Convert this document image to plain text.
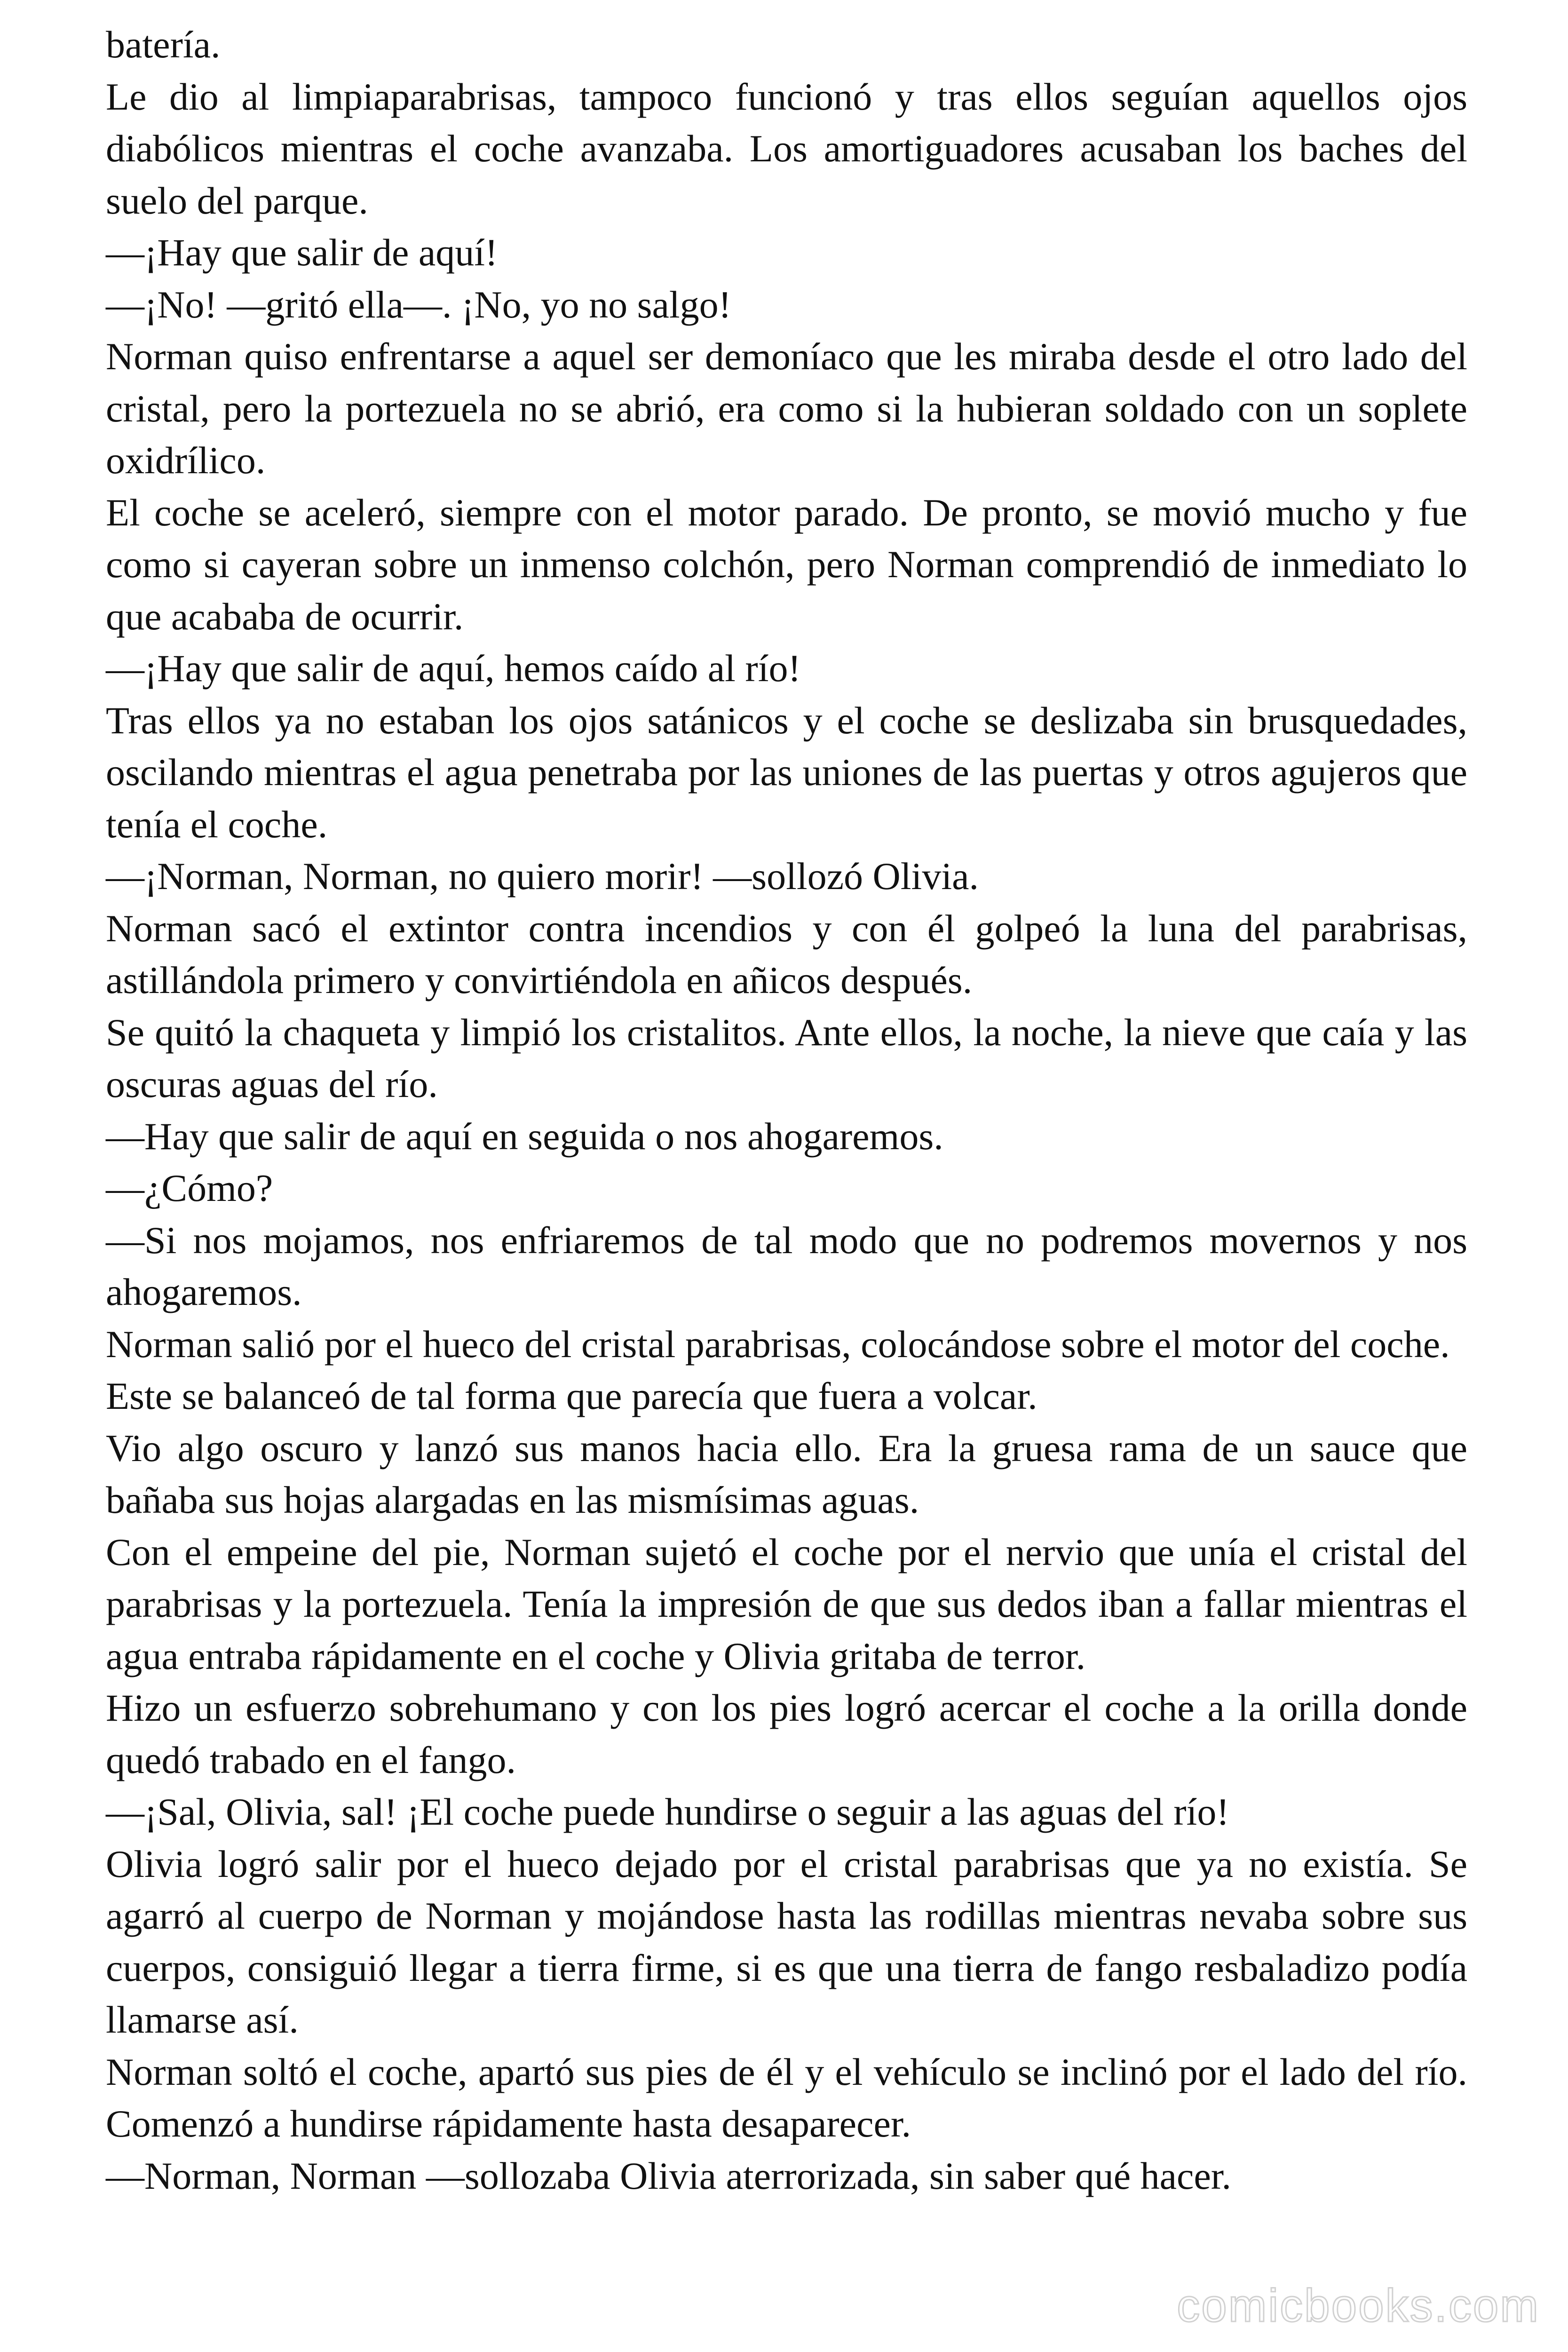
batería.

Le dio al limpiaparabrisas, tampoco funcionó y tras ellos seguían aquellos ojos diabólicos mientras el coche avanzaba. Los amortiguadores acusaban los baches del suelo del parque.

—¡Hay que salir de aquí!

—¡No! —gritó ella—. ¡No, yo no salgo!

Norman quiso enfrentarse a aquel ser demoníaco que les miraba desde el otro lado del cristal, pero la portezuela no se abrió, era como si la hubieran soldado con un soplete oxidrílico.

El coche se aceleró, siempre con el motor parado. De pronto, se movió mucho y fue como si cayeran sobre un inmenso colchón, pero Norman comprendió de inmediato lo que acababa de ocurrir.

—¡Hay que salir de aquí, hemos caído al río!

Tras ellos ya no estaban los ojos satánicos y el coche se deslizaba sin brusquedades, oscilando mientras el agua penetraba por las uniones de las puertas y otros agujeros que tenía el coche.

—¡Norman, Norman, no quiero morir! —sollozó Olivia.

Norman sacó el extintor contra incendios y con él golpeó la luna del parabrisas, astillándola primero y convirtiéndola en añicos después.

Se quitó la chaqueta y limpió los cristalitos. Ante ellos, la noche, la nieve que caía y las oscuras aguas del río.

—Hay que salir de aquí en seguida o nos ahogaremos.

—¿Cómo?

—Si nos mojamos, nos enfriaremos de tal modo que no podremos movernos y nos ahogaremos.

Norman salió por el hueco del cristal parabrisas, colocándose sobre el motor del coche.

Este se balanceó de tal forma que parecía que fuera a volcar.

Vio algo oscuro y lanzó sus manos hacia ello. Era la gruesa rama de un sauce que bañaba sus hojas alargadas en las mismísimas aguas.

Con el empeine del pie, Norman sujetó el coche por el nervio que unía el cristal del parabrisas y la portezuela. Tenía la impresión de que sus dedos iban a fallar mientras el agua entraba rápidamente en el coche y Olivia gritaba de terror.

Hizo un esfuerzo sobrehumano y con los pies logró acercar el coche a la orilla donde quedó trabado en el fango.

—¡Sal, Olivia, sal! ¡El coche puede hundirse o seguir a las aguas del río!

Olivia logró salir por el hueco dejado por el cristal parabrisas que ya no existía. Se agarró al cuerpo de Norman y mojándose hasta las rodillas mientras nevaba sobre sus cuerpos, consiguió llegar a tierra firme, si es que una tierra de fango resbaladizo podía llamarse así.

Norman soltó el coche, apartó sus pies de él y el vehículo se inclinó por el lado del río. Comenzó a hundirse rápidamente hasta desaparecer.

—Norman, Norman —sollozaba Olivia aterrorizada, sin saber qué hacer.

comicbooks.com
